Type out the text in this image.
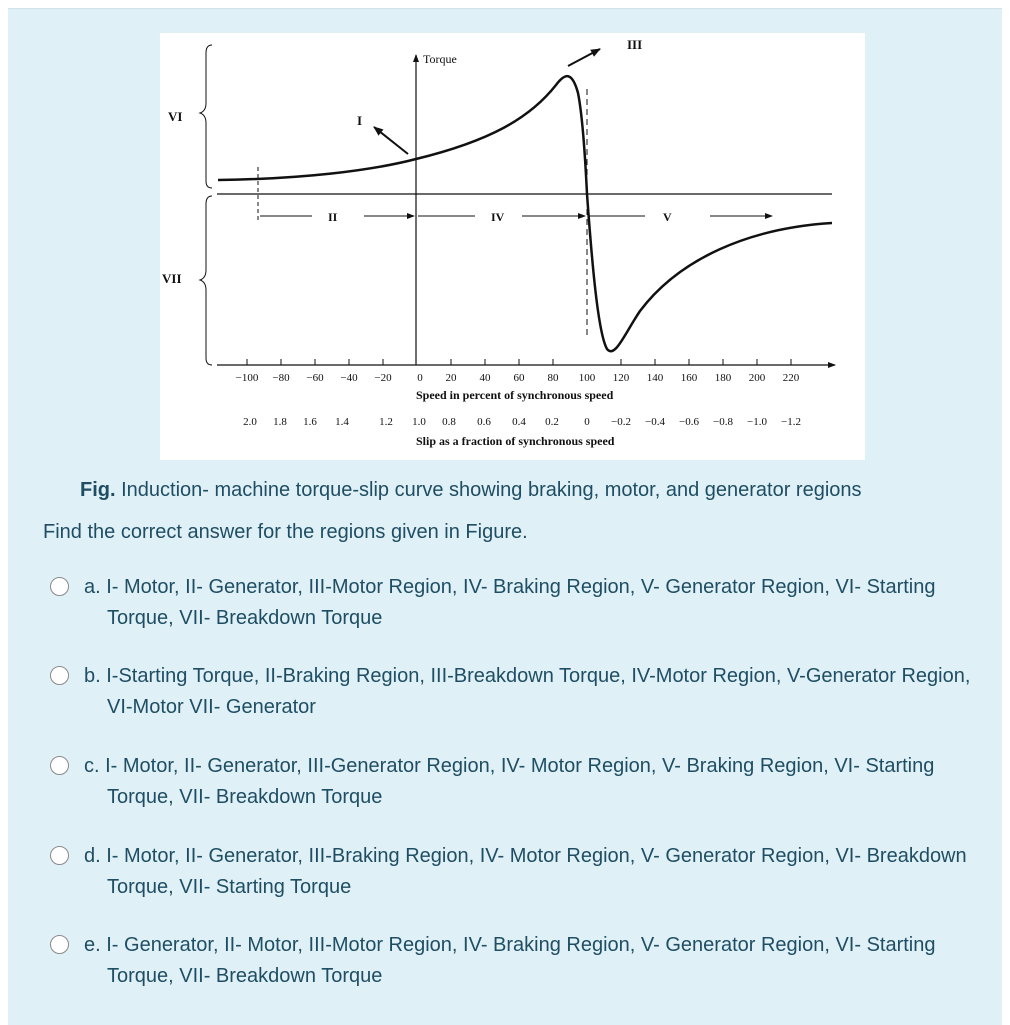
VI
VII
I
III
II	IV	V
Torque
−100 −80 −60 −40 −20 0 20 40 60 80 100 120 140 160 180 200 220
Speed in percent of synchronous speed
2.0 1.8 1.6 1.4	1.2 1.0 0.8 0.6 0.4 0.2 0 −0.2 −0.4 −0.6 −0.8 −1.0 −1.2
Slip as a fraction of synchronous speed
Fig. Induction- machine torque-slip curve showing braking, motor, and generator regions
Find the correct answer for the regions given in Figure.
a. I- Motor, II- Generator, III-Motor Region, IV- Braking Region, V- Generator Region, VI- Starting Torque, VII- Breakdown Torque
b. I-Starting Torque, II-Braking Region, III-Breakdown Torque, IV-Motor Region, V-Generator Region, VI-Motor VII- Generator
c. I- Motor, II- Generator, III-Generator Region, IV- Motor Region, V- Braking Region, VI- Starting Torque, VII- Breakdown Torque
d. I- Motor, II- Generator, III-Braking Region, IV- Motor Region, V- Generator Region, VI- Breakdown Torque, VII- Starting Torque
e. I- Generator, II- Motor, III-Motor Region, IV- Braking Region, V- Generator Region, VI- Starting Torque, VII- Breakdown Torque
